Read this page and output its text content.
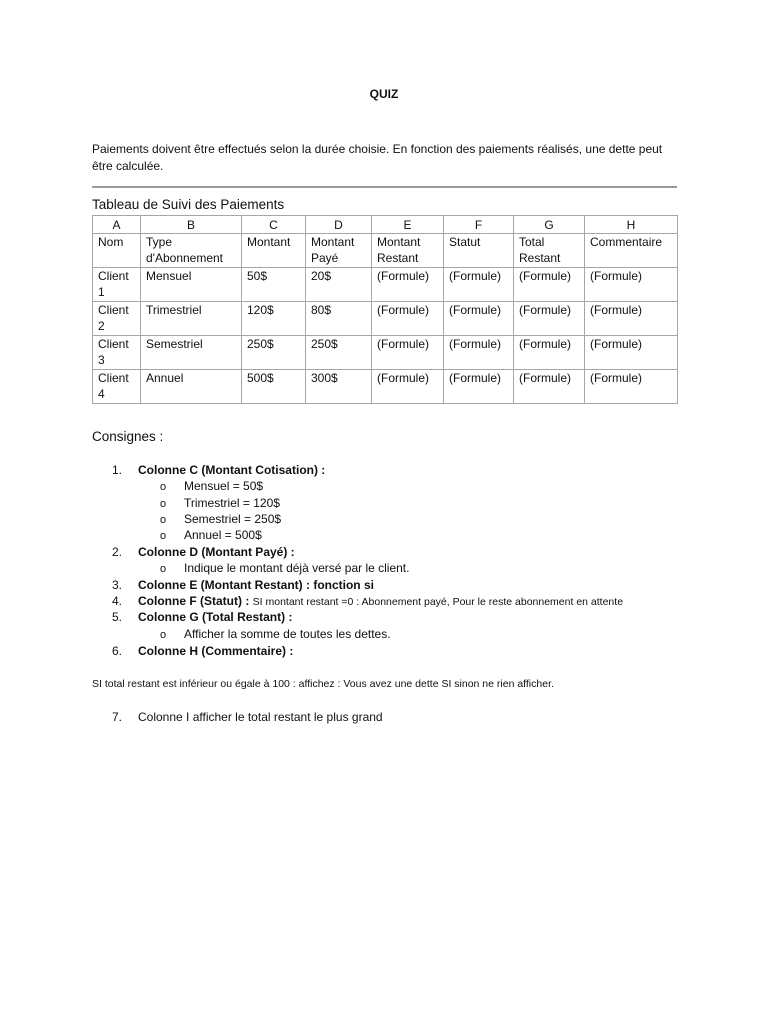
QUIZ
Paiements doivent être effectués selon la durée choisie. En fonction des paiements réalisés, une dette peut être calculée.
Tableau de Suivi des Paiements
A	B	C	D	E	F	G	H
Nom	Type d'Abonnement	Montant	Montant Payé	Montant Restant	Statut	Total Restant	Commentaire
Client 1	Mensuel	50$	20$	(Formule)	(Formule)	(Formule)	(Formule)
Client 2	Trimestriel	120$	80$	(Formule)	(Formule)	(Formule)	(Formule)
Client 3	Semestriel	250$	250$	(Formule)	(Formule)	(Formule)	(Formule)
Client 4	Annuel	500$	300$	(Formule)	(Formule)	(Formule)	(Formule)
Consignes :
1. Colonne C (Montant Cotisation) :
o Mensuel = 50$
o Trimestriel = 120$
o Semestriel = 250$
o Annuel = 500$
2. Colonne D (Montant Payé) :
o Indique le montant déjà versé par le client.
3. Colonne E (Montant Restant) : fonction si
4. Colonne F (Statut) : SI montant restant =0 : Abonnement payé, Pour le reste abonnement en attente
5. Colonne G (Total Restant) :
o Afficher la somme de toutes les dettes.
6. Colonne H (Commentaire) :
SI total restant est inférieur ou égale à 100 : affichez : Vous avez une dette SI sinon ne rien afficher.
7. Colonne I afficher le total restant le plus grand
